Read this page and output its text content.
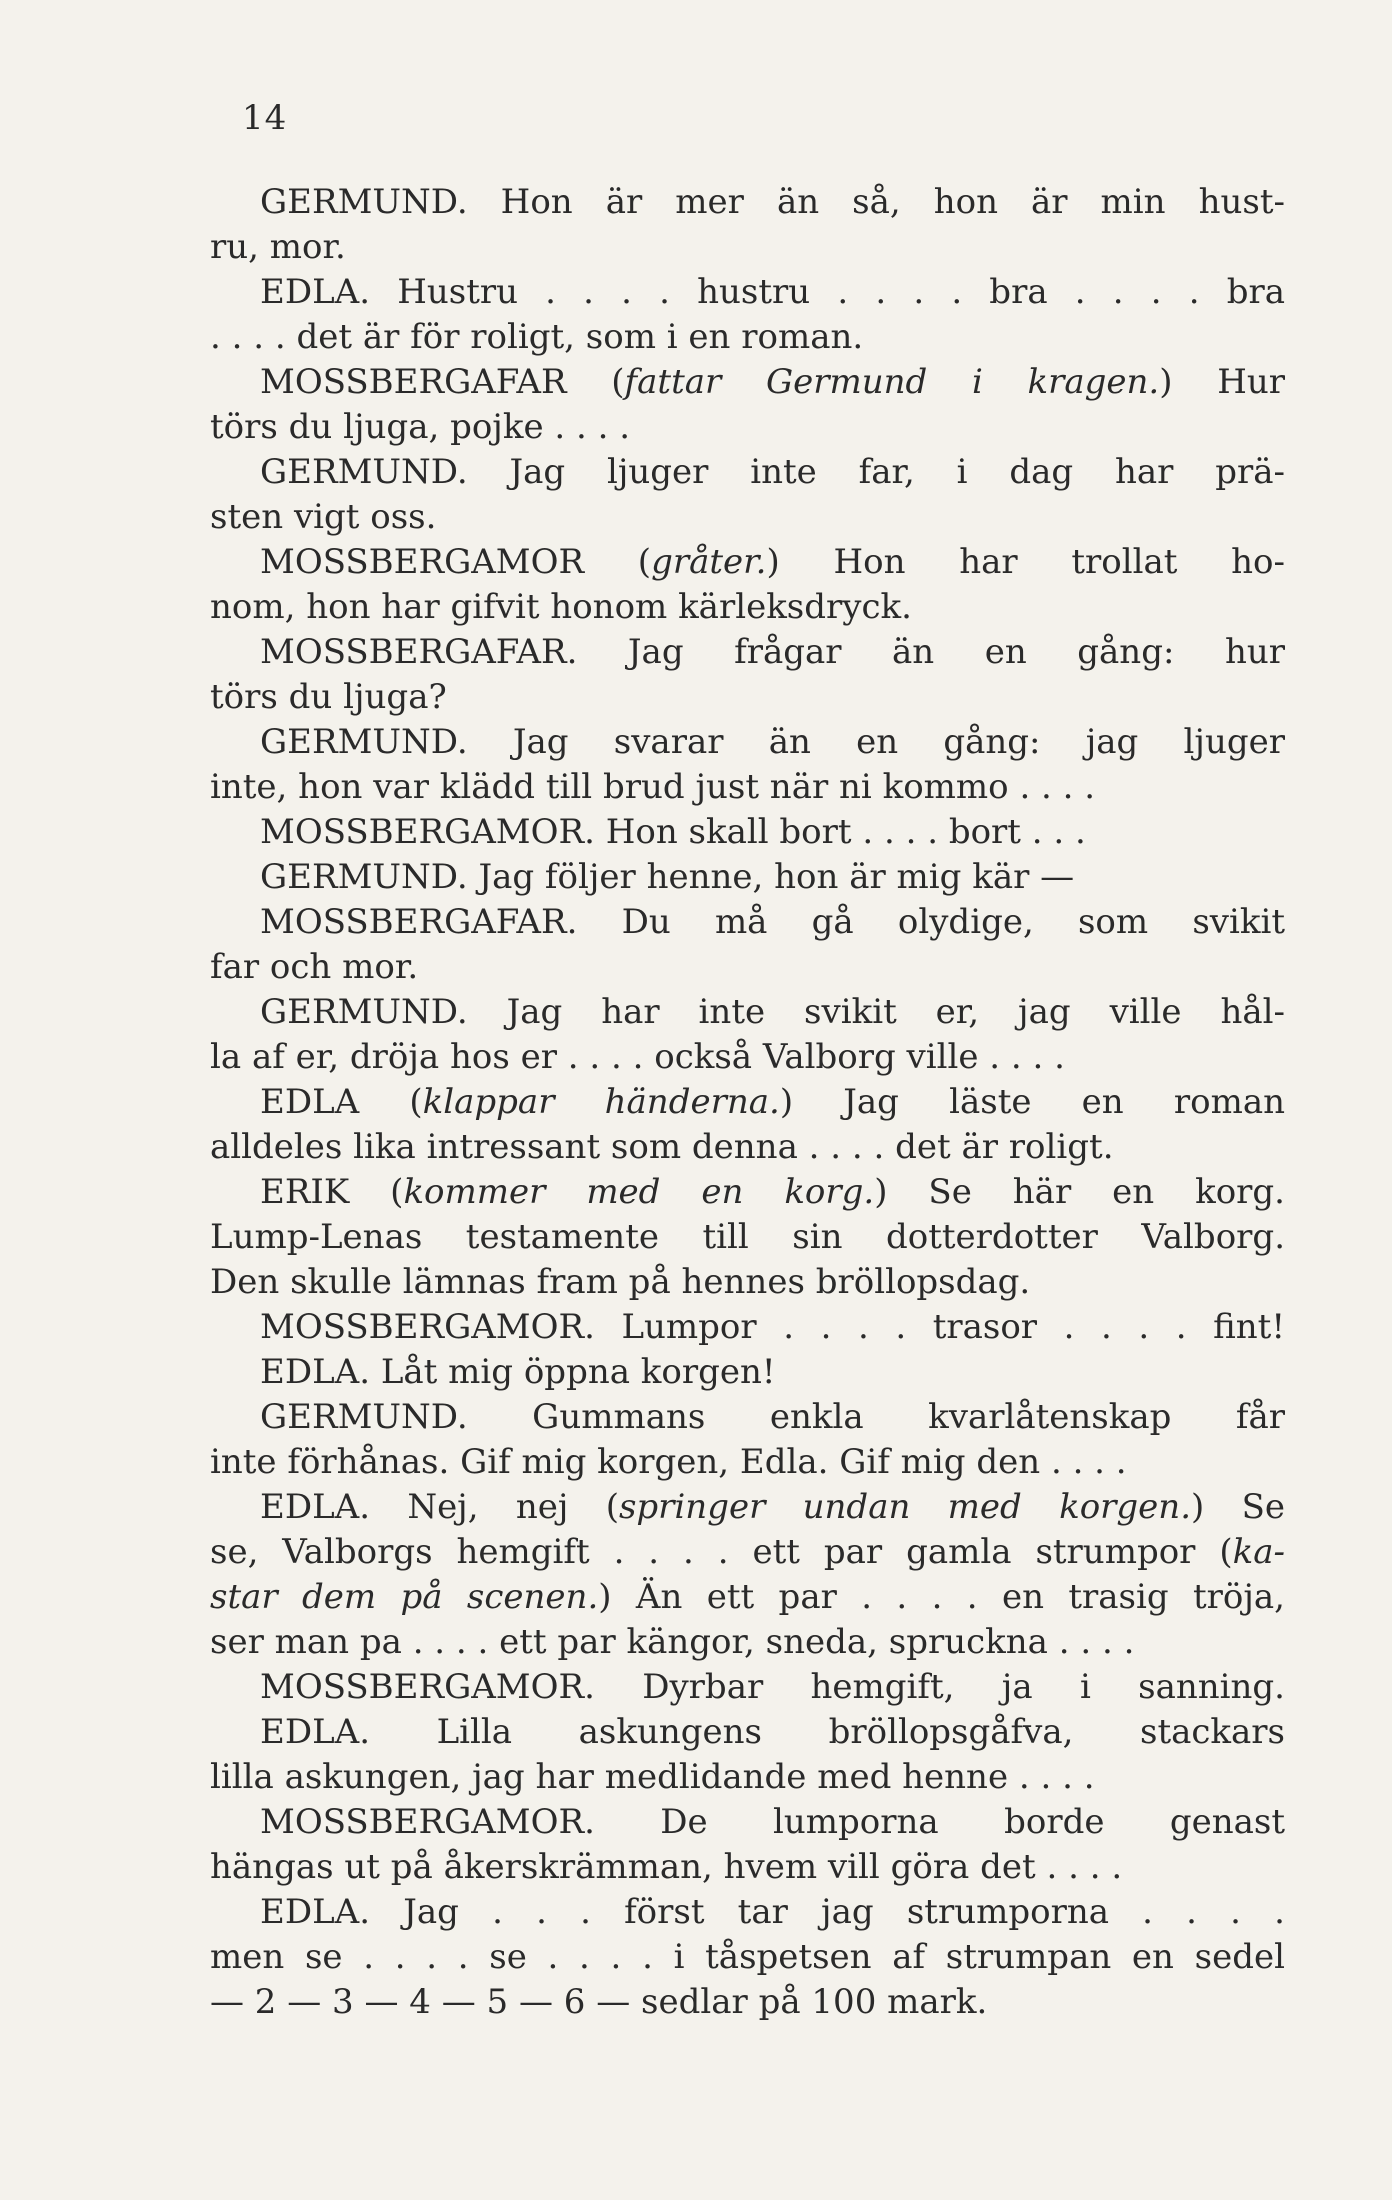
14
GERMUND. Hon är mer än så, hon är min hust-
ru, mor.
EDLA. Hustru . . . . hustru . . . . bra . . . . bra
. . . . det är för roligt, som i en roman.
MOSSBERGAFAR (fattar Germund i kragen.) Hur
törs du ljuga, pojke . . . .
GERMUND. Jag ljuger inte far, i dag har prä-
sten vigt oss.
MOSSBERGAMOR (gråter.) Hon har trollat ho-
nom, hon har gifvit honom kärleksdryck.
MOSSBERGAFAR. Jag frågar än en gång: hur
törs du ljuga?
GERMUND. Jag svarar än en gång: jag ljuger
inte, hon var klädd till brud just när ni kommo . . . .
MOSSBERGAMOR. Hon skall bort . . . . bort . . .
GERMUND. Jag följer henne, hon är mig kär —
MOSSBERGAFAR. Du må gå olydige, som svikit
far och mor.
GERMUND. Jag har inte svikit er, jag ville hål-
la af er, dröja hos er . . . . också Valborg ville . . . .
EDLA (klappar händerna.) Jag läste en roman
alldeles lika intressant som denna . . . . det är roligt.
ERIK (kommer med en korg.) Se här en korg.
Lump-Lenas testamente till sin dotterdotter Valborg.
Den skulle lämnas fram på hennes bröllopsdag.
MOSSBERGAMOR. Lumpor . . . . trasor . . . . fint!
EDLA. Låt mig öppna korgen!
GERMUND. Gummans enkla kvarlåtenskap får
inte förhånas. Gif mig korgen, Edla. Gif mig den . . . .
EDLA. Nej, nej (springer undan med korgen.) Se
se, Valborgs hemgift . . . . ett par gamla strumpor (ka-
star dem på scenen.) Än ett par . . . . en trasig tröja,
ser man pa . . . . ett par kängor, sneda, spruckna . . . .
MOSSBERGAMOR. Dyrbar hemgift, ja i sanning.
EDLA. Lilla askungens bröllopsgåfva, stackars
lilla askungen, jag har medlidande med henne . . . .
MOSSBERGAMOR. De lumporna borde genast
hängas ut på åkerskrämman, hvem vill göra det . . . .
EDLA. Jag . . . först tar jag strumporna . . . .
men se . . . . se . . . . i tåspetsen af strumpan en sedel
— 2 — 3 — 4 — 5 — 6 — sedlar på 100 mark.
